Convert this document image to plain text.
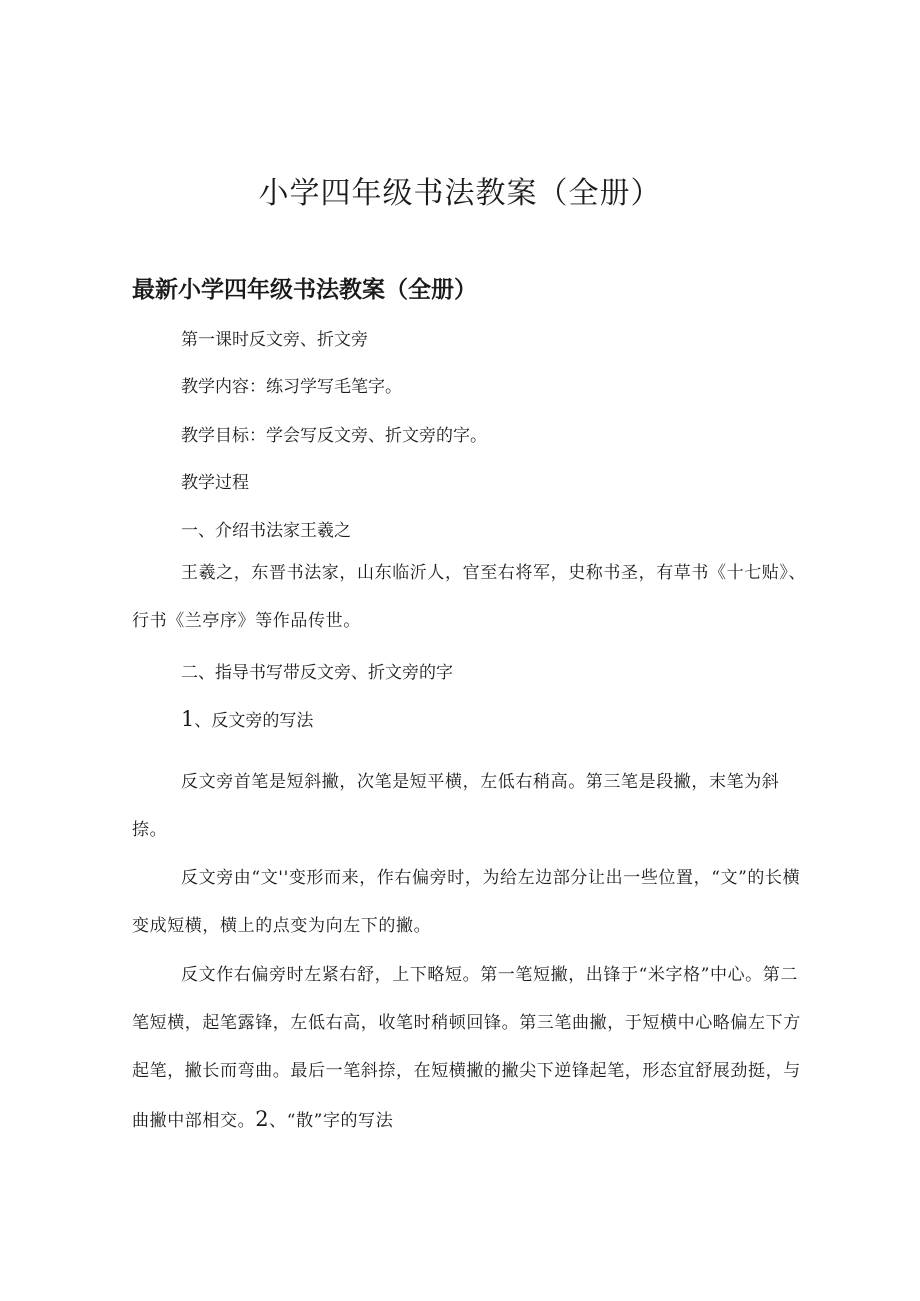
小学四年级书法教案（全册）
最新小学四年级书法教案（全册）
第一课时反文旁、折文旁
教学内容：练习学写毛笔字。
教学目标：学会写反文旁、折文旁的字。
教学过程
一、介绍书法家王羲之
王羲之，东晋书法家，山东临沂人，官至右将军，史称书圣，有草书《十七贴》、行书《兰亭序》等作品传世。
二、指导书写带反文旁、折文旁的字
1、反文旁的写法
反文旁首笔是短斜撇，次笔是短平横，左低右稍高。第三笔是段撇，末笔为斜捺。
反文旁由“文''变形而来，作右偏旁时，为给左边部分让出一些位置，“文”的长横变成短横，横上的点变为向左下的撇。
反文作右偏旁时左紧右舒，上下略短。第一笔短撇，出锋于“米字格”中心。第二笔短横，起笔露锋，左低右高，收笔时稍顿回锋。第三笔曲撇，于短横中心略偏左下方起笔，撇长而弯曲。最后一笔斜捺，在短横撇的撇尖下逆锋起笔，形态宜舒展劲挺，与曲撇中部相交。2、“散”字的写法
